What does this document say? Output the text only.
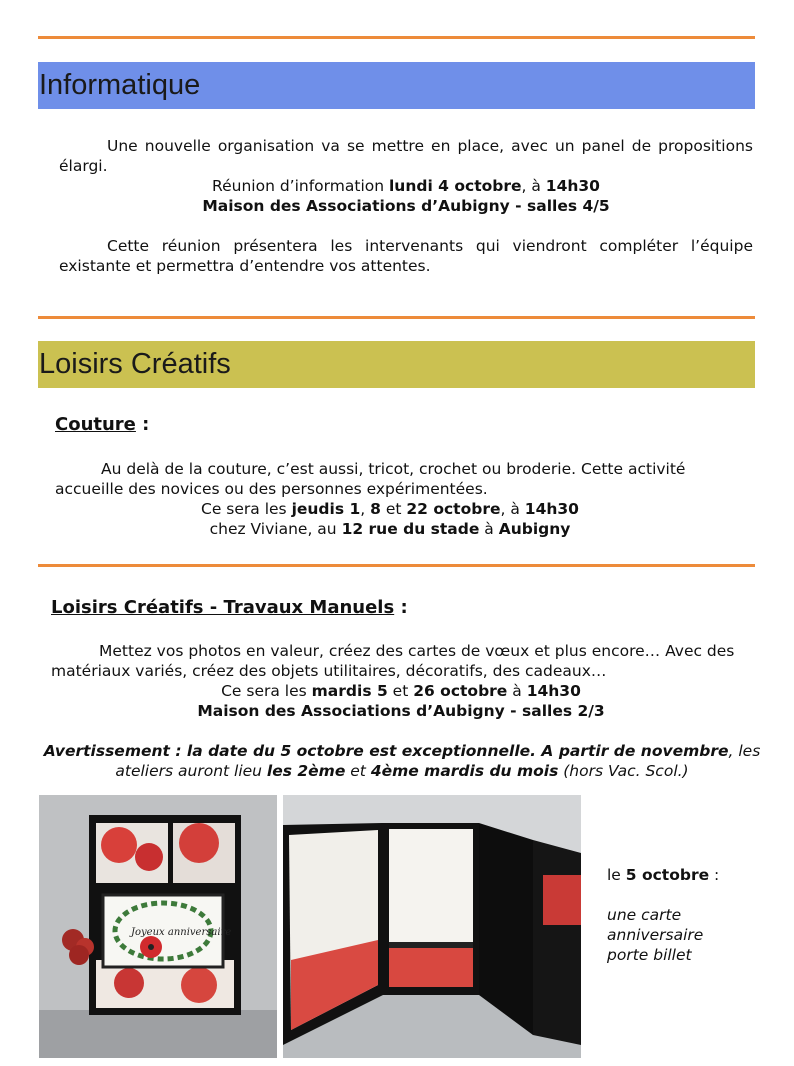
Informatique
Une nouvelle organisation va se mettre en place, avec un panel de propositions
élargi.
Réunion d’information lundi 4 octobre, à 14h30
Maison des Associations d’Aubigny - salles 4/5
Cette réunion présentera les intervenants qui viendront compléter l’équipe
existante et permettra d’entendre vos attentes.
Loisirs Créatifs
Couture :
Au delà de la couture, c’est aussi, tricot, crochet ou broderie. Cette activité
accueille des novices ou des personnes expérimentées.
Ce sera les jeudis 1, 8 et 22 octobre, à 14h30
chez Viviane, au 12 rue du stade à Aubigny
Loisirs Créatifs - Travaux Manuels :
Mettez vos photos en valeur, créez des cartes de vœux et plus encore… Avec des
matériaux variés, créez des objets utilitaires, décoratifs, des cadeaux…
Ce sera les mardis 5 et 26 octobre à 14h30
Maison des Associations d’Aubigny - salles 2/3
Avertissement : la date du 5 octobre est exceptionnelle. A partir de novembre, les
ateliers auront lieu les 2ème et 4ème mardis du mois (hors Vac. Scol.)
Joyeux anniversaire
le 5 octobre :
une carte
anniversaire
porte billet
